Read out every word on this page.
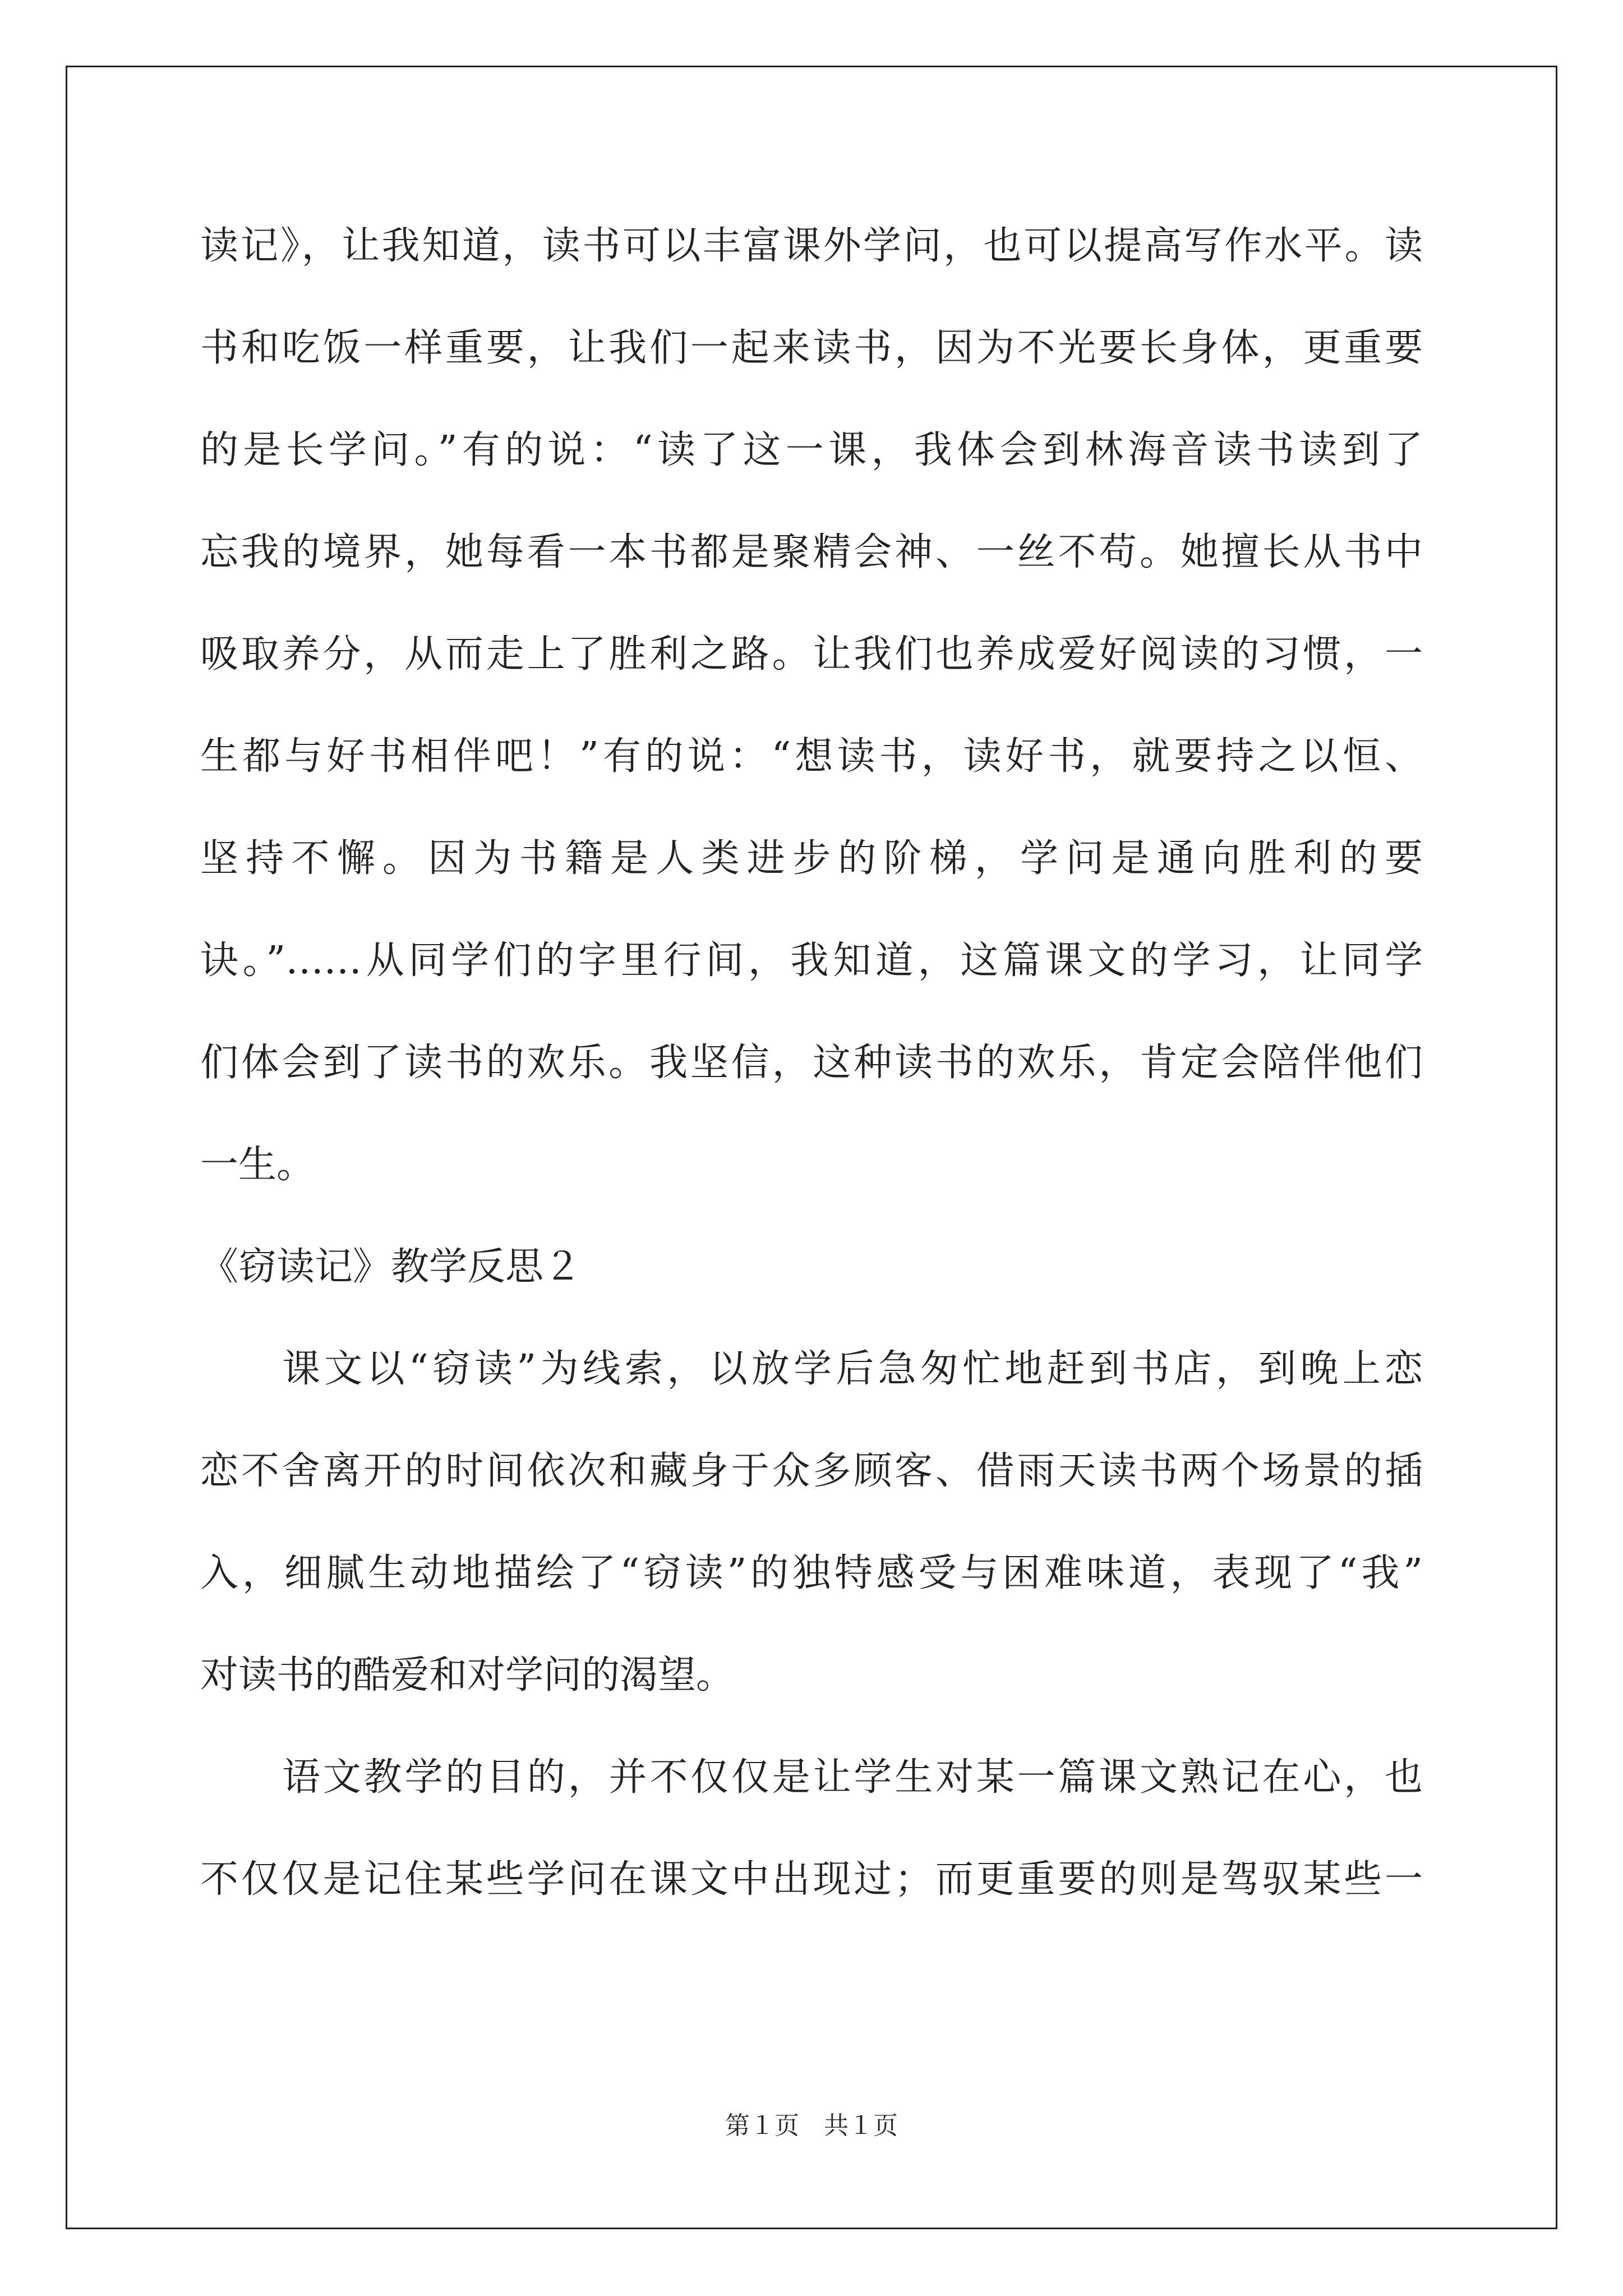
读记》，让我知道，读书可以丰富课外学问，也可以提高写作水平。读
书和吃饭一样重要，让我们一起来读书，因为不光要长身体，更重要
的是长学问。”有的说：“读了这一课，我体会到林海音读书读到了
忘我的境界，她每看一本书都是聚精会神、一丝不苟。她擅长从书中
吸取养分，从而走上了胜利之路。让我们也养成爱好阅读的习惯，一
生都与好书相伴吧！”有的说：“想读书，读好书，就要持之以恒、
坚持不懈。因为书籍是人类进步的阶梯，学问是通向胜利的要
诀。”……从同学们的字里行间，我知道，这篇课文的学习，让同学
们体会到了读书的欢乐。我坚信，这种读书的欢乐，肯定会陪伴他们
一生。
《窃读记》教学反思２
课文以“窃读”为线索，以放学后急匆忙地赶到书店，到晚上恋
恋不舍离开的时间依次和藏身于众多顾客、借雨天读书两个场景的插
入，细腻生动地描绘了“窃读”的独特感受与困难味道，表现了“我”
对读书的酷爱和对学问的渴望。
语文教学的目的，并不仅仅是让学生对某一篇课文熟记在心，也
不仅仅是记住某些学问在课文中出现过；而更重要的则是驾驭某些一
第１页　共１页
